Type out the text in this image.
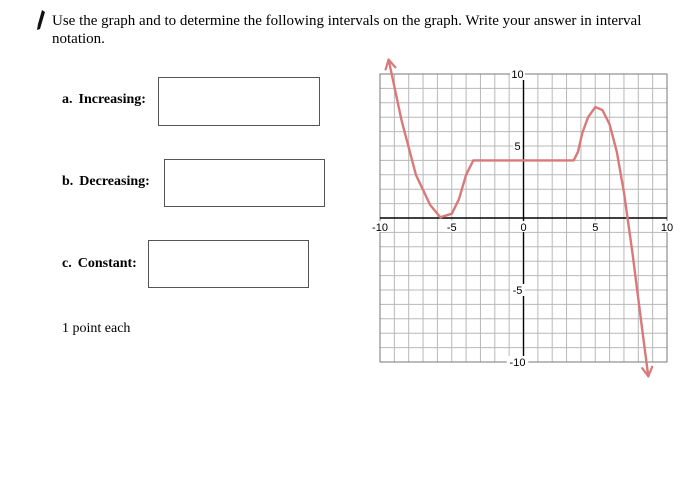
Use the graph and to determine the following intervals on the graph. Write your answer in interval notation.

a. Increasing:
b. Decreasing:
c. Constant:
1 point each
-10	-5	0	5	10
10
5
-5
-10
